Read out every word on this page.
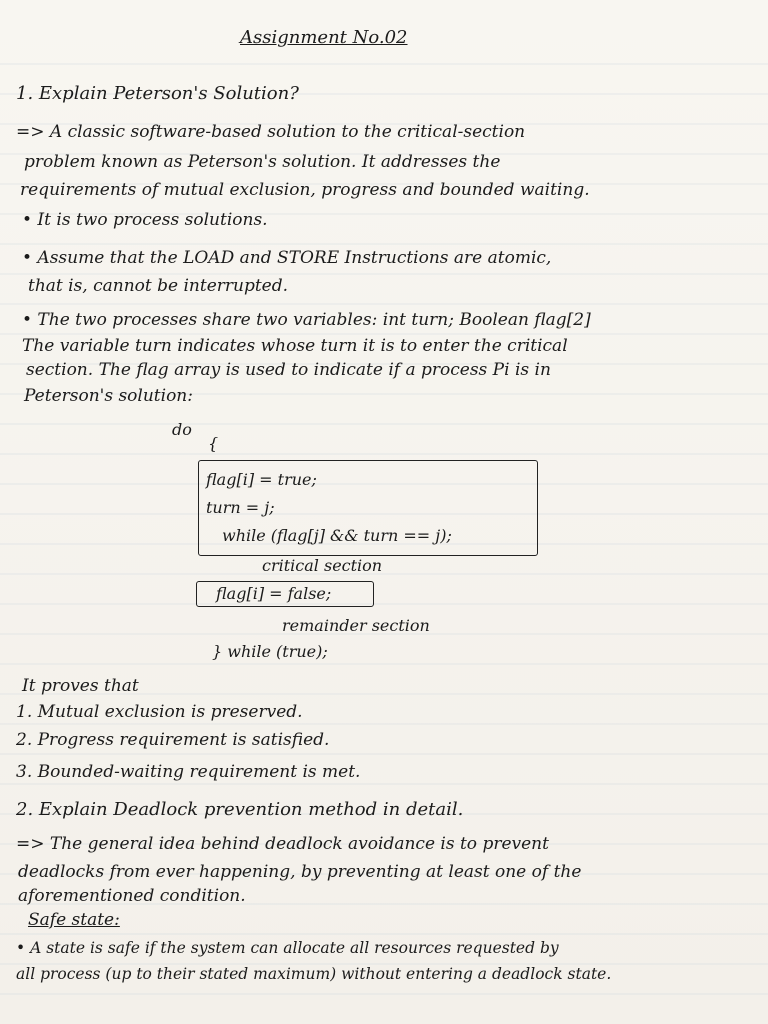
Assignment No.02
1. Explain Peterson's Solution?
=> A classic software-based solution to the critical-section
problem known as Peterson's solution. It addresses the
requirements of mutual exclusion, progress and bounded waiting.
• It is two process solutions.
• Assume that the LOAD and STORE Instructions are atomic,
that is, cannot be interrupted.
• The two processes share two variables: int turn; Boolean flag[2]
The variable turn indicates whose turn it is to enter the critical
section. The flag array is used to indicate if a process Pi is in
Peterson's solution:
do
{
flag[i] = true;
turn = j;
while (flag[j] && turn == j);
critical section
flag[i] = false;
remainder section
} while (true);
It proves that
1. Mutual exclusion is preserved.
2. Progress requirement is satisfied.
3. Bounded-waiting requirement is met.
2. Explain Deadlock prevention method in detail.
=> The general idea behind deadlock avoidance is to prevent
deadlocks from ever happening, by preventing at least one of the
aforementioned condition.
Safe state:
• A state is safe if the system can allocate all resources requested by
all process (up to their stated maximum) without entering a deadlock state.
